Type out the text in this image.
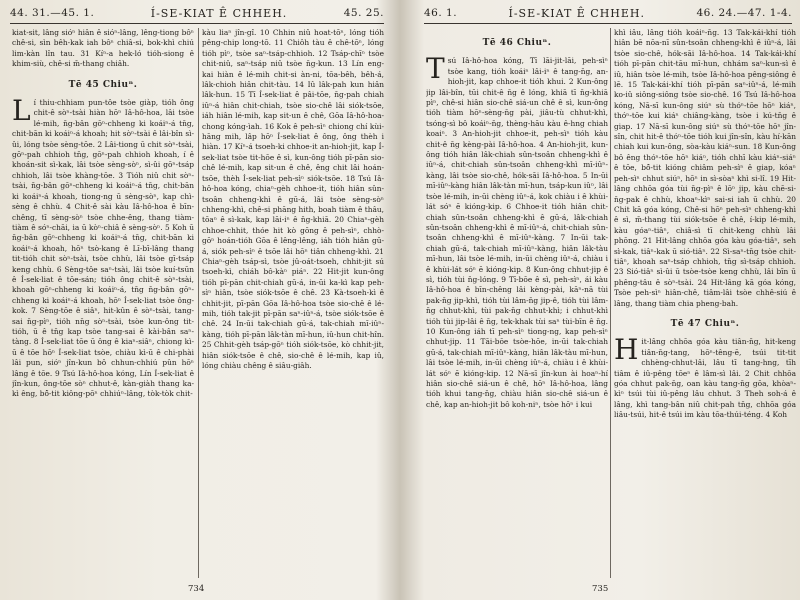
44. 31.—45. 1.	Í-SE-KIAT Ê CHHEH.	45. 25.

kiat-sit, lâng sióⁿ hiân ê sióⁿ-lâng, lêng-tiong bôⁿ chê-si, sìn bêh-kak iah bôⁿ chiâ-si, bok-khì chiú lim-kàn lîn tau. 31 Kíⁿ-a hek-ló tióh-siong ê khim-siù, chê-si m̄-thang chiâh.

Tē 45 Chiuⁿ.

Lí thiu-chhiam pun-tôe tsòe giàp, tióh ông chit-ê sòⁿ-tsài hiàn hōⁿ Iâ-hô-hoa, lâi tsòe lé-mih, n̄g-bân gōⁿ-chheng ki koáiⁿ-á tn̄g, chit-bān ki koáiⁿ-á khoah; hit sòⁿ-tsài ê lâi-bîn sì-ûi, lóng tsòe sèng-tōe. 2 Lâi-tiong ū chit sòⁿ-tsài, gōⁿ-pah chhioh tn̄g, gōⁿ-pah chhioh khoah, í ê khoán-sit sì-kak, lâi tsòe sèng-sòⁿ, sì-ûi gōⁿ-tsáp chhioh, lâi tsòe khàng-tōe. 3 Tióh niû chit sòⁿ-tsài, n̄g-bân gōⁿ-chheng ki koáiⁿ-á tn̄g, chit-bān ki koáiⁿ-á khoah, tiong-ng ū sèng-sòⁿ, kap chì-sèng ê chhù. 4 Chit-ê sài kàu Iâ-hô-hoa ê bīn-chêng, tī sèng-sòⁿ tsòe chhe-êng, thang tiàm-tiàm ê sóⁿ-chāi, ia ū kòⁿ-chiâ ê sèng-sòⁿ. 5 Koh ū n̄g-bân gōⁿ-chheng ki koáiⁿ-á tn̄g, chit-bān ki koáiⁿ-á khoah, hōⁿ tsò-kang ê Lī-bī-lâng thang tit-tióh chit sòⁿ-tsài, tsòe chhù, lâi tsòe gī-tsáp keng chhù. 6 Sèng-tôe saⁿ-tsài, lâi tsòe kuí-tsūn ê Í-sek-liat ê tōe-sán; tióh ông chit-ê sòⁿ-tsài, khoah gōⁿ-chheng ki koáiⁿ-á, tn̄g n̄g-bân gōⁿ-chheng ki koáiⁿ-á khoah, hōⁿ Í-sek-liat tsòe ông-kok. 7 Sèng-tōe ê siâⁿ, hit-kûn ê sòⁿ-tsài, tang-sai n̄g-pìⁿ, tióh nn̄g sòⁿ-tsài, tsòe kun-ông tit-tióh, ū ê tn̄g kap tsòe tang-sai ê kài-bân saⁿ-tàng. 8 Í-sek-liat tōe ū ông ê kiaⁿ-siâⁿ, chiong kì-ū ê tōe hōⁿ Í-sek-liat tsòe, chiàu kì-ū ê chi-phài lâi pun, sióⁿ jîn-kun bô chhun-chhiú pûn hōⁿ lâng ê tōe. 9 Tsú Iâ-hô-hoa kóng, Lín Í-sek-liat ê jîn-kun, ông-tōe sòⁿ chhut-ê, kàn-giàh thang ka-kì êng, bô̄-tit kiông-pōⁿ chhiúⁿ-lâng, tòk-tòk chit-

kàu liaⁿ jîn-gî. 10 Chhin niû hoat-tōⁿ, lóng tióh pêng-chip long-tō. 11 Chiôh tàu ê chê-tōⁿ, lóng tióh pìⁿ, tsòe saⁿ-tsáp-chhioh. 12 Tsáp-chīⁿ tsòe chit-niû, saⁿ-tsáp niû tsòe n̄g-kun. 13 Lín eng-kai hiàn ê lé-mih chit-si àn-ni, tōa-bêh, bêh-á, lâk-chioh hiân chit-tàu. 14 Iû lâk-pah kun hiân lâk-hun. 15 Tī Í-sek-liat ê pâi-tōe, n̄g-pah chiah iûⁿ-á hiân chit-chiah, tsòe sio-chê lâi siók-tsōe, iáh hiân lé-mih, kap sit-un ê chê, Gōa Iâ-hô-hoa-chong kóng-ìah. 16 Kok ê peh-sìⁿ chiong chí kùi-hāng mih, lâp hōⁿ Í-sek-liat ê ông, ông thèh i hiàn. 17 Kíⁿ-á tsoeh-ki chhoe-it an-hioh-jit, kap Í-sek-liat tsòe tit-hōe ê sì, kun-ông tióh pī-pān sio-chê lé-mih, kap sit-un ê chê, êng chit lâi hoán-tsōe, thèh Í-sek-liat peh-sìⁿ siók-tsōe. 18 Tsú Iâ-hô-hoa kóng, chiaⁿ-gèh chhoe-it, tióh hiân sûn-tsoân chheng-khì ê gū-á, lâi tsòe sèng-sòⁿ chheng-khì, chê-si phāng hith, boah tiàm ê thâu, tōaⁿ ê sì-kak, kap lāi-iⁿ ê n̄g-khiā. 20 Chiaⁿ-gèh chhoe-chhit, thóe hit kò gōng ê peh-sìⁿ, chhò-gōⁿ hoán-tióh Gōa ê lêng-lêng, iáh tióh hiân gū-á, siók peh-sìⁿ ê tsōe lâi hōⁿ tiân chheng-khì. 21 Chiaⁿ-gèh tsáp-sì, tsòe jû-oát-tsoeh, chhit-jit sú tsoeh-kì, chiáh bô-kàⁿ piáⁿ. 22 Hit-jit kun-ông tióh pī-pān chit-chiah gū-á, in-ūi ka-kì kap peh-sìⁿ hiân, tsòe siók-tsōe ê chê. 23 Kà-tsoeh-kì ê chhit-jit, pī-pān Gōa Iâ-hô-hoa tsòe sio-chê ê lé-mih, tióh tak-jit pī-pān saⁿ-iûⁿ-á, tsòe siók-tsōe ê chê. 24 In-ūi tak-chiah gū-á, tak-chiah mī-iûⁿ-kàng, tióh pī-pān lâk-tàn mī-hun, iû-hun chit-hîn. 25 Chhit-gèh tsáp-gōⁿ tióh siók-tsōe, kò chhit-jit, hiân siók-tsōe ê chê, sio-chê ê lé-mih, kap iû, lóng chiàu chêng ê siâu-giâh.

734
46. 1.	Í-SE-KIAT Ê CHHEH.	46. 24.—47. 1-4.
Tē 46 Chiuⁿ.

Tsú Iâ-hô-hoa kóng, Tī lāi-jit-lāi, peh-sìⁿ tsòe kang, tióh koáiⁿ lâi-iⁿ ê tang-n̄g, an-hioh-jit, kap chhoe-it tióh khui. 2 Kun-ông jip lâi-bîn, tūi chit-ê n̄g ê lóng, khiā tī n̄g-khiā pìⁿ, chê-si hiân sio-chê siá-un chê ê sì, kun-ông tióh tiàm hōⁿ-sèng-n̄g pài, jiâu-tù chhut-khì, tsóng-sì bô koáiⁿ-n̄g, thèng-hāu kàu ê-hng chiah koaiⁿ. 3 An-hioh-jit chhoe-it, peh-sìⁿ tióh kàu chit-ê n̄g kèng-pài Iâ-hô-hoa. 4 An-hioh-jit, kun-ông tióh hiân lâk-chiah sûn-tsoân chheng-khì ê iûⁿ-á, chit-chiah sûn-tsoân chheng-khì mī-iûⁿ-kàng, lâi tsòe sio-chê, hók-sāi Iâ-hô-hoa. 5 In-ūi mī-iûⁿ-kàng hiân lâk-tàn mī-hun, tsáp-kun iûⁿ, lâi tsòe lé-mih, in-ūi chèng iûⁿ-á, kok chiàu i ê khùi-lát sóⁿ ē kióng-kip. 6 Chhoe-it tióh hiân chit-chiah sûn-tsoân chheng-khì ê gū-á, lâk-chiah sûn-tsoân chheng-khì ê mī-iûⁿ-á, chit-chiah sûn-tsoân chheng-khì ê mī-iûⁿ-kàng. 7 In-ūi tak-chiah gū-á, tak-chiah mī-iûⁿ-kàng, hiân lâk-tàu mī-hun, lâi tsòe lé-mih, in-ūi chèng iûⁿ-á, chiàu i ê khùi-lát sóⁿ ē kióng-kip. 8 Kun-ông chhut-jip ê sì, tióh tùi n̄g-lóng. 9 Tī-bōe ê sì, peh-sìⁿ, ái kàu Iâ-hô-hoa ê bīn-chêng lâi kèng-pài, kāⁿ-nā tùi pak-n̄g jip-khì, tióh tùi lâm-n̄g jip-ê, tióh tùi lâm-n̄g chhut-khì, tùi pak-n̄g chhut-khì; i chhut-khì tióh tùi jip-lâi ê n̄g, tek-khak tùi saⁿ tùi-bīn ê n̄g. 10 Kun-ông iáh tī peh-sìⁿ tiong-ng, kap peh-sìⁿ chhut-jip. 11 Tāi-bōe tsòe-hōe, in-ūi tak-chiah gū-á, tak-chiah mī-iûⁿ-kàng, hiân lâk-tàu mī-hun, lâi tsòe lé-mih, in-ūi chèng iûⁿ-á, chiàu i ê khùi-lát sóⁿ ē kióng-kip. 12 Nā-sī jîn-kun ài hoaⁿ-hí hiân sio-chê siá-un ê chê, hōⁿ Iâ-hô-hoa, lâng tióh khui tang-n̄g, chiàu hiân sio-chê siá-un ê chê, kap an-hioh-jit bô koh-niⁿ, tsòe hōⁿ i kui

khì iâu, lâng tióh koáiⁿ-n̄g. 13 Tak-kái-khí tióh hiân bē nōa-nī sûn-tsoân chheng-khì ê iûⁿ-á, lâi tsòe sio-chê, hók-sāi Iâ-hô-hoa. 14 Tak-kái-khí tióh pī-pān chit-tāu mī-hun, chhám saⁿ-kun-sì ê iû, hiân tsòe lé-mih, tsòe Iâ-hô-hoa pêng-siông ê lē. 15 Tak-kái-khí tióh pī-pān saⁿ-iûⁿ-á, lé-mih ko-iû siông-siông tsòe sio-chê. 16 Tsú Iâ-hô-hoa kóng, Nā-sī kun-ông siúⁿ sù thóⁿ-tōe hōⁿ kiáⁿ, thóⁿ-tōe kui kiáⁿ chiâng-kàng, tsòe i kú-tn̄g ê giap. 17 Nā-sī kun-ông siúⁿ sù thóⁿ-tōe hōⁿ jîn-sîn, chit hit-ê thóⁿ-tōe tióh kui jîn-sîn, kàu hí-kān chiah kui kun-ông, sòa-kàu kiáⁿ-sun. 18 Kun-ông bô êng thóⁿ-tōe hōⁿ kiáⁿ, tióh chhī kàu kiáⁿ-siáⁿ ê tōe, bô̄-tit kióng chiâm peh-sìⁿ ê giap, kóaⁿ peh-sìⁿ chhut siúⁿ, hōⁿ in sì-sòaⁿ khì si-lî. 19 Hit-lâng chhōa góa tùi n̄g-pìⁿ ê lōⁿ jip, kàu chē-si-n̄g-pak ê chhù, khoaⁿ-kìⁿ sai-si iah ū chhù. 20 Chit kā góa kóng, Chê-si hōⁿ peh-sìⁿ chheng-khì ê sì, m̄-thang tùi siók-tsōe ê chê, í-kip lé-mih, kàu góaⁿ-tiâⁿ, chiâ-sì tī chit-keng chhù lâi phōng. 21 Hit-lâng chhōa góa kàu góa-tiâⁿ, seh sì-kak, tiâⁿ-kak ū sió-tiâⁿ. 22 Sì-saⁿ-tn̄g tsòe chit-tiâⁿ, khoah saⁿ-tsáp chhioh, tn̄g sì-tsáp chhioh. 23 Sió-tiâⁿ sì-ûi ū tsòe-tsòe keng chhù, lâi bīn ū phêng-tâu ê sòⁿ-tsài. 24 Hit-lâng kā góa kóng, Tsòe peh-sìⁿ hiân-chê, tiâm-lâi tsòe chhê-siú ê lâng, thang tiàm chia pheng-bah.

Tē 47 Chiuⁿ.

Hit-lâng chhōa góa kàu tiân-n̄g, hit-keng tiân-n̄g-tang, hōⁿ-têng-ē, tsúi tit-tit chhèng-chhut-lâi, lâu tī tang-hng, tīh tiâm ê iû-pêng tōeⁿ ê lâm-sì lâi. 2 Chit chhōa góa chhut pak-n̄g, oan kàu tang-n̄g gōa, khòaⁿ-kìⁿ tsúi tùi iû-pêng lâu chhut. 3 Theh soh-á ê lâng, khì tang-bân niû chit-pah tn̄g, chhōa góa liâu-tsúi, hit-ê tsúi im kàu tōa-thúi-téng. 4 Koh

735
